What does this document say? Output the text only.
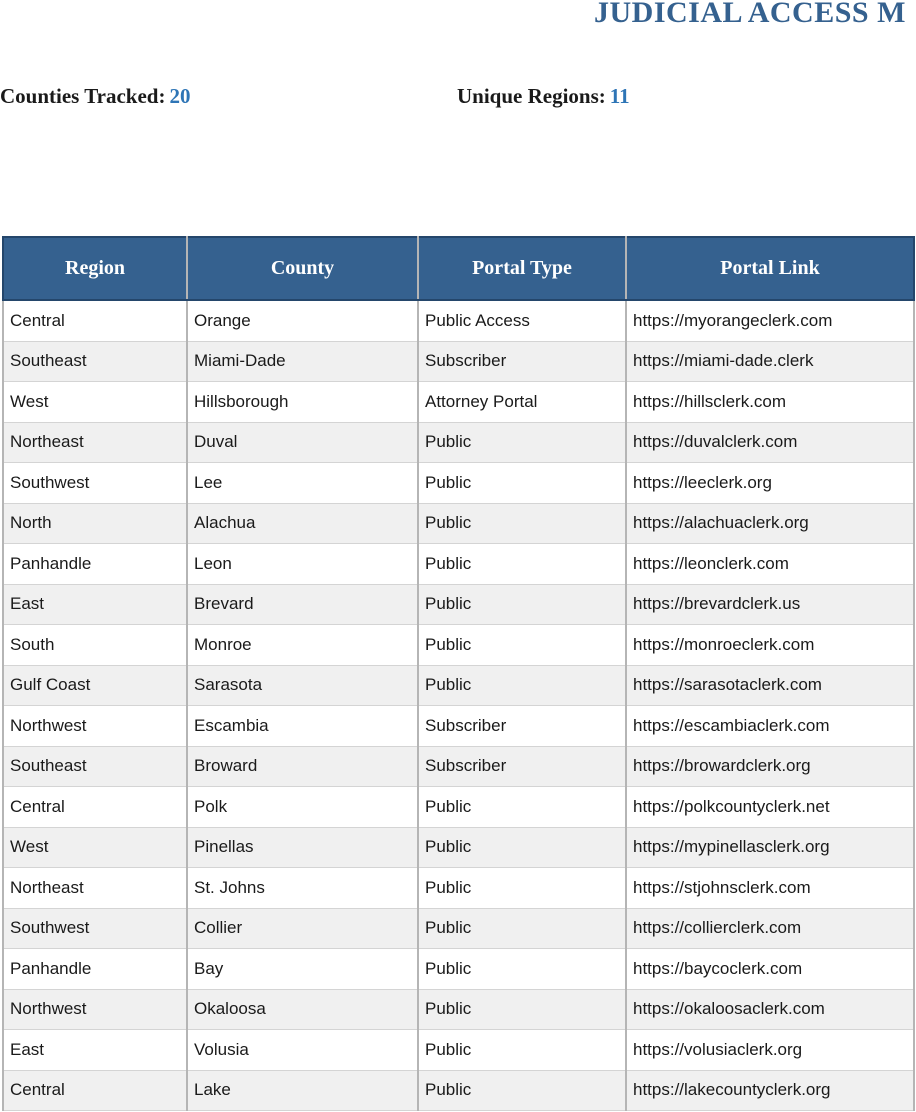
JUDICIAL ACCESS M
Counties Tracked: 20	Unique Regions: 11
Region	County	Portal Type	Portal Link
Central	Orange	Public Access	https://myorangeclerk.com
Southeast	Miami-Dade	Subscriber	https://miami-dade.clerk
West	Hillsborough	Attorney Portal	https://hillsclerk.com
Northeast	Duval	Public	https://duvalclerk.com
Southwest	Lee	Public	https://leeclerk.org
North	Alachua	Public	https://alachuaclerk.org
Panhandle	Leon	Public	https://leonclerk.com
East	Brevard	Public	https://brevardclerk.us
South	Monroe	Public	https://monroeclerk.com
Gulf Coast	Sarasota	Public	https://sarasotaclerk.com
Northwest	Escambia	Subscriber	https://escambiaclerk.com
Southeast	Broward	Subscriber	https://browardclerk.org
Central	Polk	Public	https://polkcountyclerk.net
West	Pinellas	Public	https://mypinellasclerk.org
Northeast	St. Johns	Public	https://stjohnsclerk.com
Southwest	Collier	Public	https://collierclerk.com
Panhandle	Bay	Public	https://baycoclerk.com
Northwest	Okaloosa	Public	https://okaloosaclerk.com
East	Volusia	Public	https://volusiaclerk.org
Central	Lake	Public	https://lakecountyclerk.org
